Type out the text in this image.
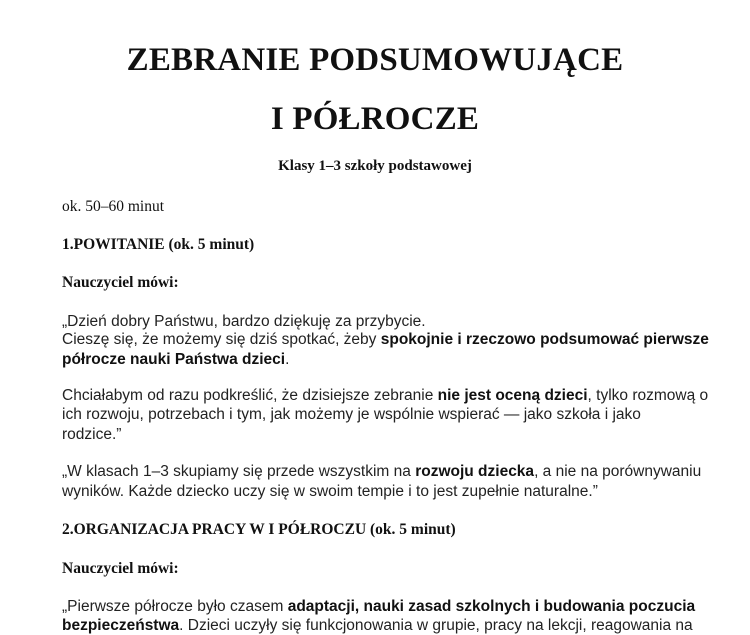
ZEBRANIE PODSUMOWUJĄCE
I PÓŁROCZE
Klasy 1–3 szkoły podstawowej
ok. 50–60 minut
1.POWITANIE (ok. 5 minut)
Nauczyciel mówi:
„Dzień dobry Państwu, bardzo dziękuję za przybycie.
Cieszę się, że możemy się dziś spotkać, żeby spokojnie i rzeczowo podsumować pierwsze
półrocze nauki Państwa dzieci.
Chciałabym od razu podkreślić, że dzisiejsze zebranie nie jest oceną dzieci, tylko rozmową o
ich rozwoju, potrzebach i tym, jak możemy je wspólnie wspierać — jako szkoła i jako
rodzice.”
„W klasach 1–3 skupiamy się przede wszystkim na rozwoju dziecka, a nie na porównywaniu
wyników. Każde dziecko uczy się w swoim tempie i to jest zupełnie naturalne.”
2.ORGANIZACJA PRACY W I PÓŁROCZU (ok. 5 minut)
Nauczyciel mówi:
„Pierwsze półrocze było czasem adaptacji, nauki zasad szkolnych i budowania poczucia
bezpieczeństwa. Dzieci uczyły się funkcjonowania w grupie, pracy na lekcji, reagowania na
